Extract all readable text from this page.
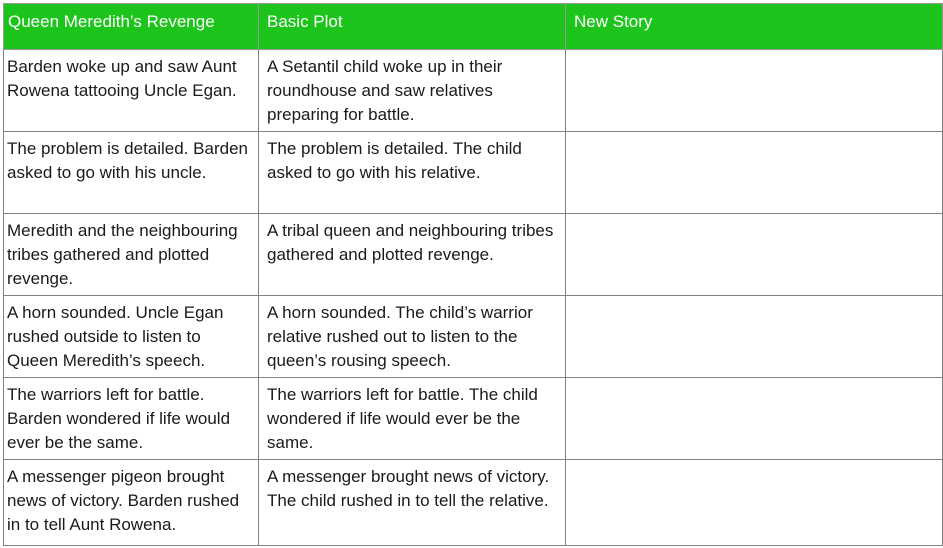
Queen Meredith’s Revenge	Basic Plot	New Story
Barden woke up and saw Aunt Rowena tattooing Uncle Egan.	A Setantil child woke up in their roundhouse and saw relatives preparing for battle.	
The problem is detailed. Barden asked to go with his uncle.	The problem is detailed. The child asked to go with his relative.	
Meredith and the neighbouring tribes gathered and plotted revenge.	A tribal queen and neighbouring tribes gathered and plotted revenge.	
A horn sounded. Uncle Egan rushed outside to listen to Queen Meredith’s speech.	A horn sounded. The child’s warrior relative rushed out to listen to the queen’s rousing speech.	
The warriors left for battle. Barden wondered if life would ever be the same.	The warriors left for battle. The child wondered if life would ever be the same.	
A messenger pigeon brought news of victory. Barden rushed in to tell Aunt Rowena.	A messenger brought news of victory. The child rushed in to tell the relative.	
